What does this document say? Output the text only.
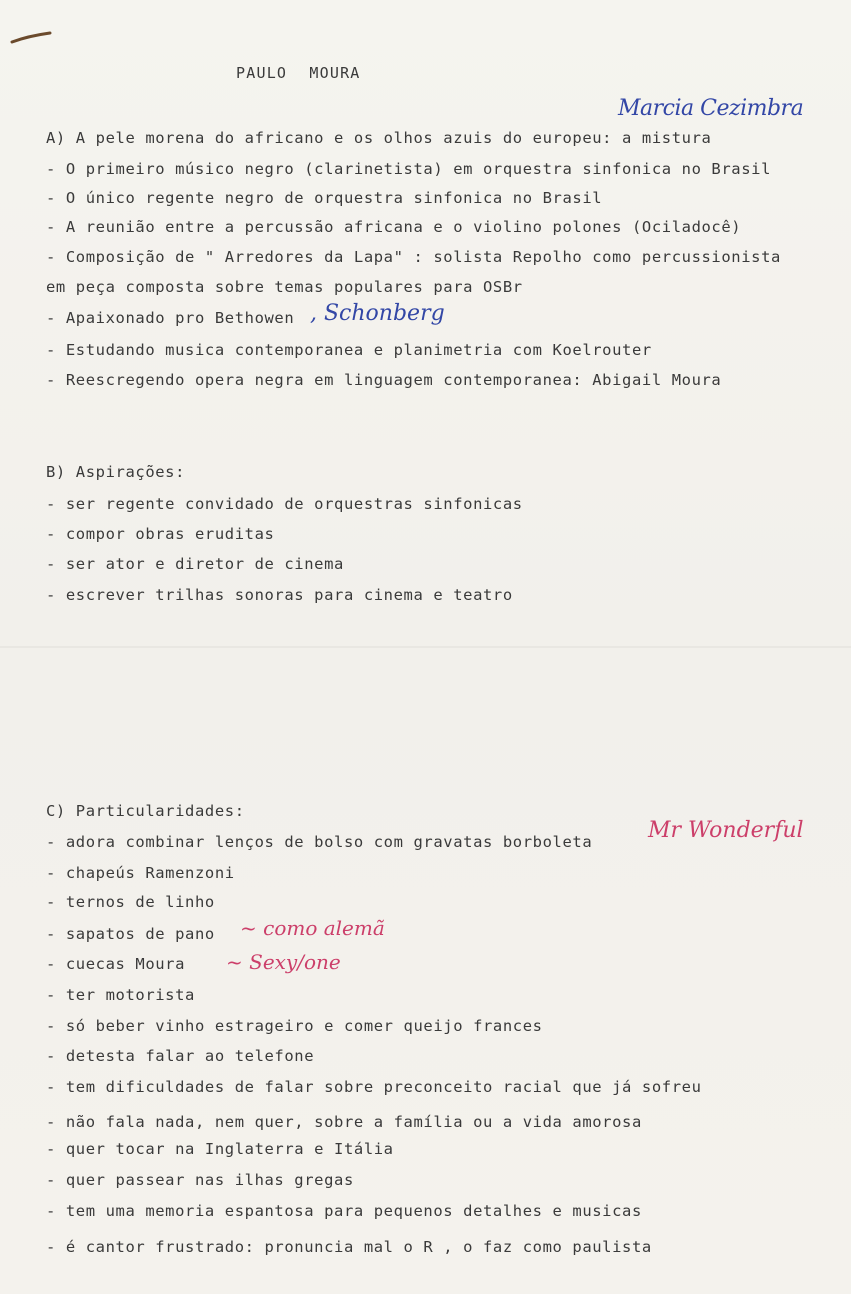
PAULO MOURA
Marcia Cezimbra
A) A pele morena do africano e os olhos azuis do europeu: a mistura
- O primeiro músico negro (clarinetista) em orquestra sinfonica no Brasil
- O único regente negro de orquestra sinfonica no Brasil
- A reunião entre a percussão africana e o violino polones (Ociladocê)
- Composição de " Arredores da Lapa" : solista Repolho como percussionista
em peça composta sobre temas populares para OSBr
- Apaixonado pro Bethowen , Schonberg
- Estudando musica contemporanea e planimetria com Koelrouter
- Reescregendo opera negra em linguagem contemporanea: Abigail Moura
B) Aspirações:
- ser regente convidado de orquestras sinfonicas
- compor obras eruditas
- ser ator e diretor de cinema
- escrever trilhas sonoras para cinema e teatro
C) Particularidades:
- adora combinar lenços de bolso com gravatas borboleta	Mr Wonderful
- chapeús Ramenzoni
- ternos de linho
- sapatos de pano ~ como alemã
- cuecas Moura ~ Sexy/one
- ter motorista
- só beber vinho estrageiro e comer queijo frances
- detesta falar ao telefone
- tem dificuldades de falar sobre preconceito racial que já sofreu
- não fala nada, nem quer, sobre a família ou a vida amorosa
- quer tocar na Inglaterra e Itália
- quer passear nas ilhas gregas
- tem uma memoria espantosa para pequenos detalhes e musicas
- é cantor frustrado: pronuncia mal o R , o faz como paulista
